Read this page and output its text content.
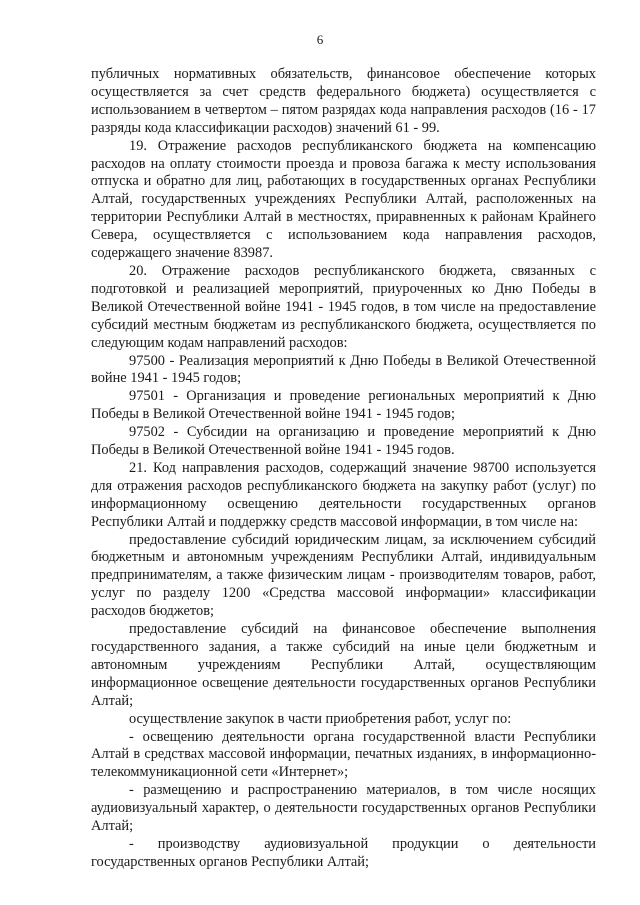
6

публичных нормативных обязательств, финансовое обеспечение которых осуществляется за счет средств федерального бюджета) осуществляется с использованием в четвертом – пятом разрядах кода направления расходов (16 - 17 разряды кода классификации расходов) значений 61 - 99.

19. Отражение расходов республиканского бюджета на компенсацию расходов на оплату стоимости проезда и провоза багажа к месту использования отпуска и обратно для лиц, работающих в государственных органах Республики Алтай, государственных учреждениях Республики Алтай, расположенных на территории Республики Алтай в местностях, приравненных к районам Крайнего Севера, осуществляется с использованием кода направления расходов, содержащего значение 83987.

20. Отражение расходов республиканского бюджета, связанных с подготовкой и реализацией мероприятий, приуроченных ко Дню Победы в Великой Отечественной войне 1941 - 1945 годов, в том числе на предоставление субсидий местным бюджетам из республиканского бюджета, осуществляется по следующим кодам направлений расходов:

97500 - Реализация мероприятий к Дню Победы в Великой Отечественной войне 1941 - 1945 годов;

97501 - Организация и проведение региональных мероприятий к Дню Победы в Великой Отечественной войне 1941 - 1945 годов;

97502 - Субсидии на организацию и проведение мероприятий к Дню Победы в Великой Отечественной войне 1941 - 1945 годов.

21. Код направления расходов, содержащий значение 98700 используется для отражения расходов республиканского бюджета на закупку работ (услуг) по информационному освещению деятельности государственных органов Республики Алтай и поддержку средств массовой информации, в том числе на:

предоставление субсидий юридическим лицам, за исключением субсидий бюджетным и автономным учреждениям Республики Алтай, индивидуальным предпринимателям, а также физическим лицам - производителям товаров, работ, услуг по разделу 1200 «Средства массовой информации» классификации расходов бюджетов;

предоставление субсидий на финансовое обеспечение выполнения государственного задания, а также субсидий на иные цели бюджетным и автономным учреждениям Республики Алтай, осуществляющим информационное освещение деятельности государственных органов Республики Алтай;

осуществление закупок в части приобретения работ, услуг по:

- освещению деятельности органа государственной власти Республики Алтай в средствах массовой информации, печатных изданиях, в информационно-телекоммуникационной сети «Интернет»;

- размещению и распространению материалов, в том числе носящих аудиовизуальный характер, о деятельности государственных органов Республики Алтай;

- производству аудиовизуальной продукции о деятельности государственных органов Республики Алтай;
